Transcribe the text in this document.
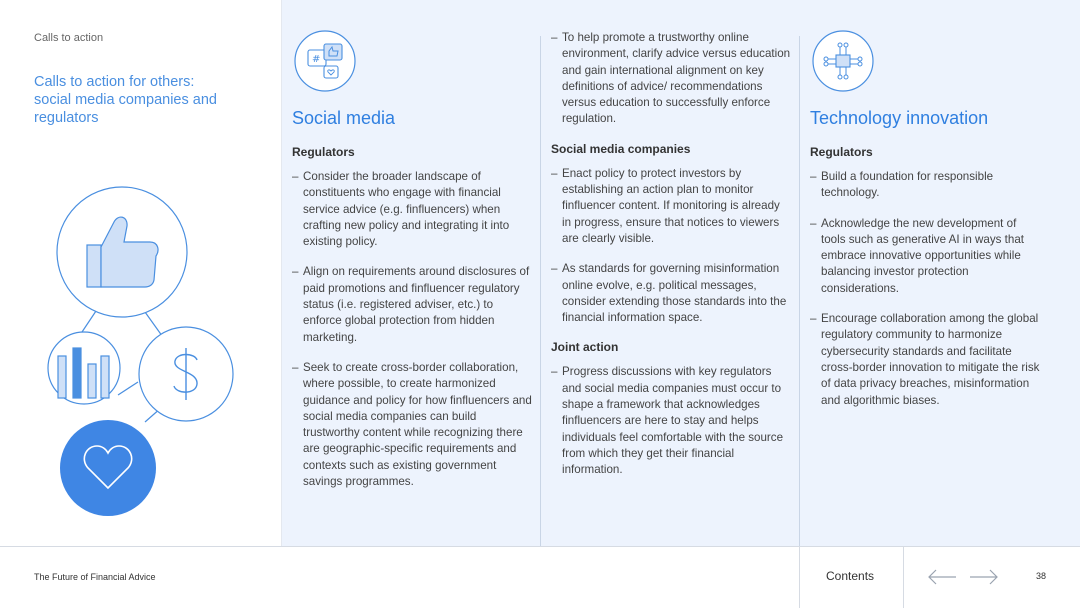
Calls to action
Calls to action for others: social media companies and regulators
#
Social media
Regulators
– Consider the broader landscape of constituents who engage with financial service advice (e.g. finfluencers) when crafting new policy and integrating it into existing policy.
– Align on requirements around disclosures of paid promotions and finfluencer regulatory status (i.e. registered adviser, etc.) to enforce global protection from hidden marketing.
– Seek to create cross-border collaboration, where possible, to create harmonized guidance and policy for how finfluencers and social media companies can build trustworthy content while recognizing there are geographic-specific requirements and contexts such as existing government savings programmes.
– To help promote a trustworthy online environment, clarify advice versus education and gain international alignment on key definitions of advice/ recommendations versus education to successfully enforce regulation.
Social media companies
– Enact policy to protect investors by establishing an action plan to monitor finfluencer content. If monitoring is already in progress, ensure that notices to viewers are clearly visible.
– As standards for governing misinformation online evolve, e.g. political messages, consider extending those standards into the financial information space.
Joint action
– Progress discussions with key regulators and social media companies must occur to shape a framework that acknowledges finfluencers are here to stay and helps individuals feel comfortable with the source from which they get their financial information.
Technology innovation
Regulators
– Build a foundation for responsible technology.
– Acknowledge the new development of tools such as generative AI in ways that embrace innovative opportunities while balancing investor protection considerations.
– Encourage collaboration among the global regulatory community to harmonize cybersecurity standards and facilitate cross-border innovation to mitigate the risk of data privacy breaches, misinformation and algorithmic biases.
The Future of Financial Advice	Contents	38
